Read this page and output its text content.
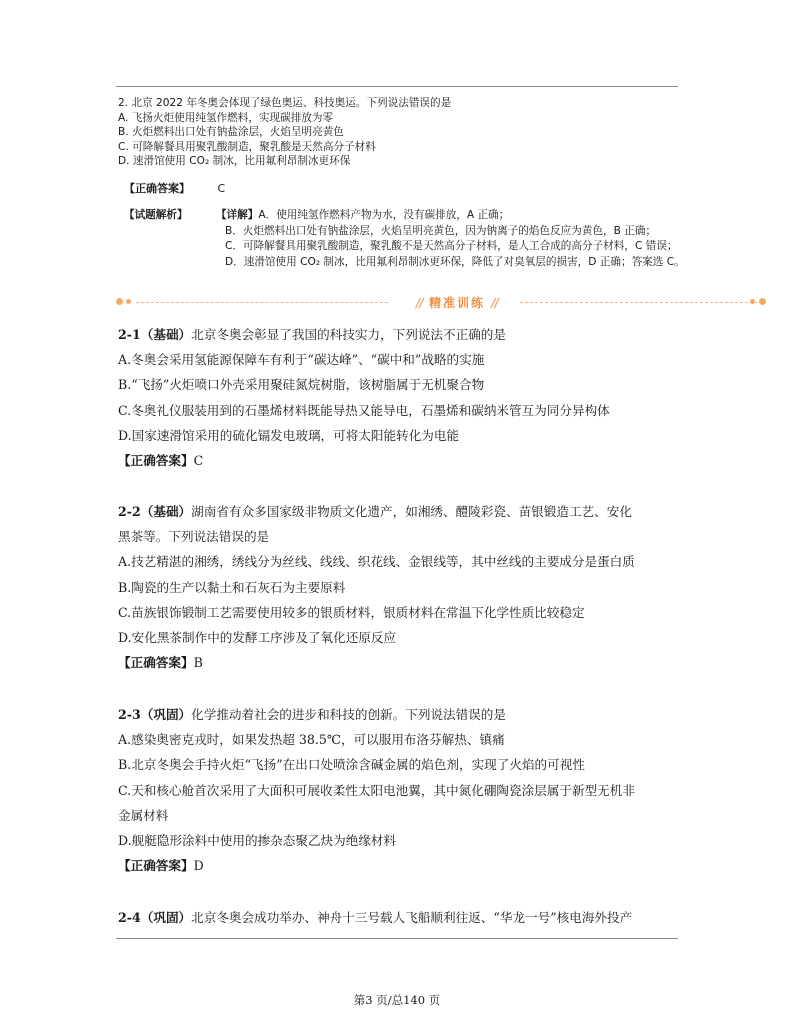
2. 北京 2022 年冬奥会体现了绿色奥运、科技奥运。下列说法错误的是
A. 飞扬火炬使用纯氢作燃料，实现碳排放为零
B. 火炬燃料出口处有钠盐涂层，火焰呈明亮黄色
C. 可降解餐具用聚乳酸制造，聚乳酸是天然高分子材料
D. 速滑馆使用 CO₂ 制冰，比用氟利昂制冰更环保
【正确答案】	C
【试题解析】	【详解】A．使用纯氢作燃料产物为水，没有碳排放，A 正确；
B．火炬燃料出口处有钠盐涂层，火焰呈明亮黄色，因为钠离子的焰色反应为黄色，B 正确；
C．可降解餐具用聚乳酸制造，聚乳酸不是天然高分子材料，是人工合成的高分子材料，C 错误；
D．速滑馆使用 CO₂ 制冰，比用氟利昂制冰更环保，降低了对臭氧层的损害，D 正确；答案选 C。
// 精准训练 //
2-1（基础）北京冬奥会彰显了我国的科技实力，下列说法不正确的是
A.冬奥会采用氢能源保障车有利于“碳达峰”、“碳中和”战略的实施
B.“飞扬”火炬喷口外壳采用聚硅氮烷树脂，该树脂属于无机聚合物
C.冬奥礼仪服装用到的石墨烯材料既能导热又能导电，石墨烯和碳纳米管互为同分异构体
D.国家速滑馆采用的硫化镉发电玻璃，可将太阳能转化为电能
【正确答案】C
2-2（基础）湖南省有众多国家级非物质文化遗产，如湘绣、醴陵彩瓷、苗银锻造工艺、安化
黑茶等。下列说法错误的是
A.技艺精湛的湘绣，绣线分为丝线、线线、织花线、金银线等，其中丝线的主要成分是蛋白质
B.陶瓷的生产以黏土和石灰石为主要原料
C.苗族银饰锻制工艺需要使用较多的银质材料，银质材料在常温下化学性质比较稳定
D.安化黑茶制作中的发酵工序涉及了氧化还原反应
【正确答案】B
2-3（巩固）化学推动着社会的进步和科技的创新。下列说法错误的是
A.感染奥密克戎时，如果发热超 38.5℃，可以服用布洛芬解热、镇痛
B.北京冬奥会手持火炬“飞扬”在出口处喷涂含碱金属的焰色剂，实现了火焰的可视性
C.天和核心舱首次采用了大面积可展收柔性太阳电池翼，其中氮化硼陶瓷涂层属于新型无机非
金属材料
D.舰艇隐形涂料中使用的掺杂态聚乙炔为绝缘材料
【正确答案】D
2-4（巩固）北京冬奥会成功举办、神舟十三号载人飞船顺利往返、“华龙一号”核电海外投产
第3 页/总140 页
